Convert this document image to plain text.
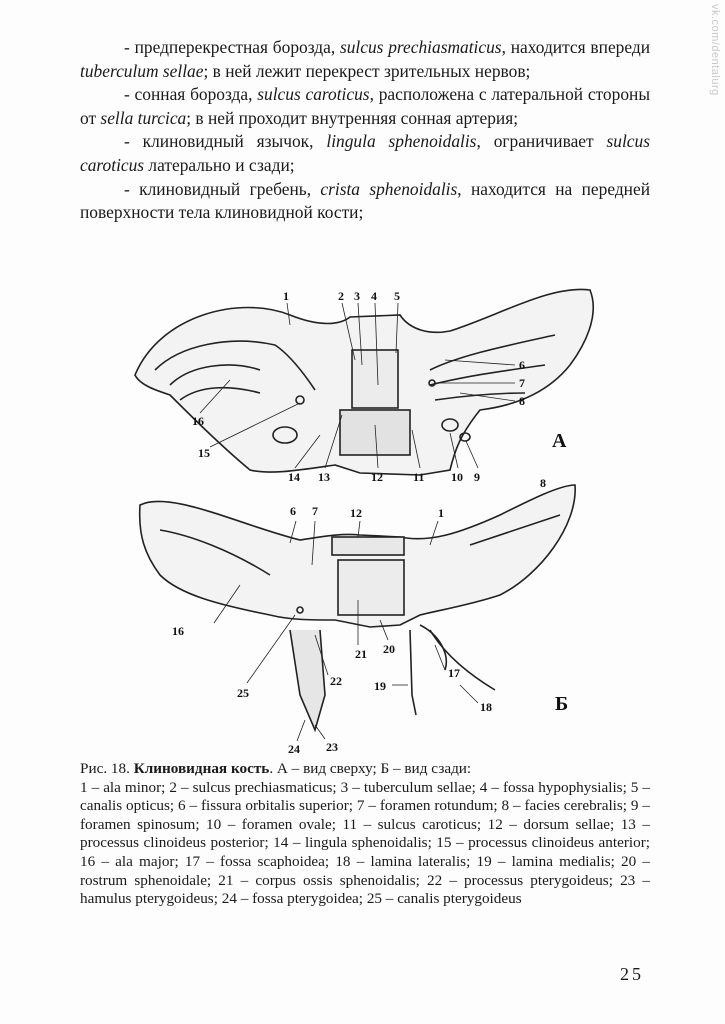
vk.com/dentalurg

- предперекрестная борозда, sulcus prechiasmaticus, находится впереди tuberculum sellae; в ней лежит перекрест зрительных нервов;

- сонная борозда, sulcus caroticus, расположена с латеральной стороны от sella turcica; в ней проходит внутренняя сонная артерия;

- клиновидный язычок, lingula sphenoidalis, ограничивает sulcus caroticus латерально и сзади;

- клиновидный гребень, crista sphenoidalis, находится на передней поверхности тела клиновидной кости;

1	2 3 4 5
6
7
8
16
15
14 13	12	11 10 9
А
6 7	12	1
8
16
21 20
17
25
22	19
18
24 23
Б
Рис. 18. Клиновидная кость. А – вид сверху; Б – вид сзади:
1 – ala minor; 2 – sulcus prechiasmaticus; 3 – tuberculum sellae; 4 – fossa hypophysialis; 5 – canalis opticus; 6 – fissura orbitalis superior; 7 – foramen rotundum; 8 – facies cerebralis; 9 – foramen spinosum; 10 – foramen ovale; 11 – sulcus caroticus; 12 – dorsum sellae; 13 – processus clinoideus posterior; 14 – lingula sphenoidalis; 15 – processus clinoideus anterior; 16 – ala major; 17 – fossa scaphoidea; 18 – lamina lateralis; 19 – lamina medialis; 20 – rostrum sphenoidale; 21 – corpus ossis sphenoidalis; 22 – processus pterygoideus; 23 – hamulus pterygoideus; 24 – fossa pterygoidea; 25 – canalis pterygoideus
25
